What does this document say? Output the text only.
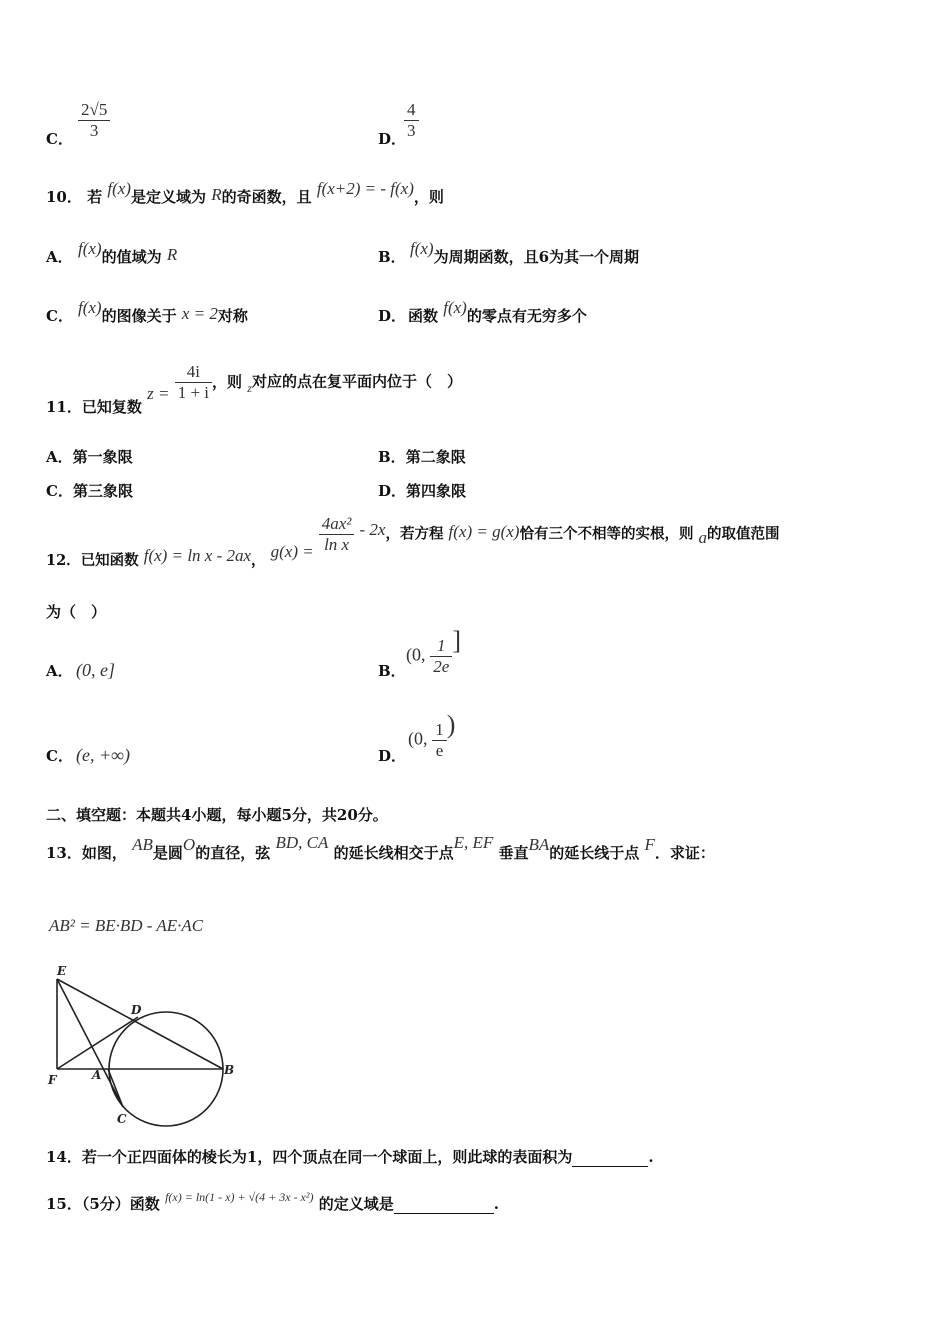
C． $\frac{2√5}{3}$	D．
$\frac{4}{3}$
10． 若 f(x)是定义域为 R的奇函数，且 f(x+2) = - f(x)，则
A． f(x)的值域为 R	B． f(x)为周期函数，且6为其一个周期
C． f(x)的图像关于 x = 2对称	D． 函数 f(x)的零点有无穷多个
11．已知复数 $z = \frac{4i}{1 + i}$ ，则 $_z$对应的点在复平面内位于（　）
A．第一象限	B．第二象限
C．第三象限	D．第四象限
12．已知函数 f(x) = ln x - 2ax， $g(x) = \frac{\text{4ax²}}{\text{ln x}} - 2x$，若方程 f(x) = g(x)恰有三个不相等的实根，则 a的取值范围
为（　）
A． (0, e]	B．
(0, $\frac{1}{2e}$ ]
C． (e, +∞)	D．
(0, $\frac{1}{e}$ )
二、填空题：本题共4小题，每小题5分，共20分。
13．如图， AB是圆O的直径，弦 BD, CA 的延长线相交于点E, EF 垂直BA的延长线于点 F．求证：
AB² = BE·BD - AE·AC
E
D
F	A	B
C
14．若一个正四面体的棱长为1，四个顶点在同一个球面上，则此球的表面积为	.
15．（5分）函数 $^{f(x) = ln(1 - x) + √(4 + 3x - x^2)}$ 的定义域是	.
